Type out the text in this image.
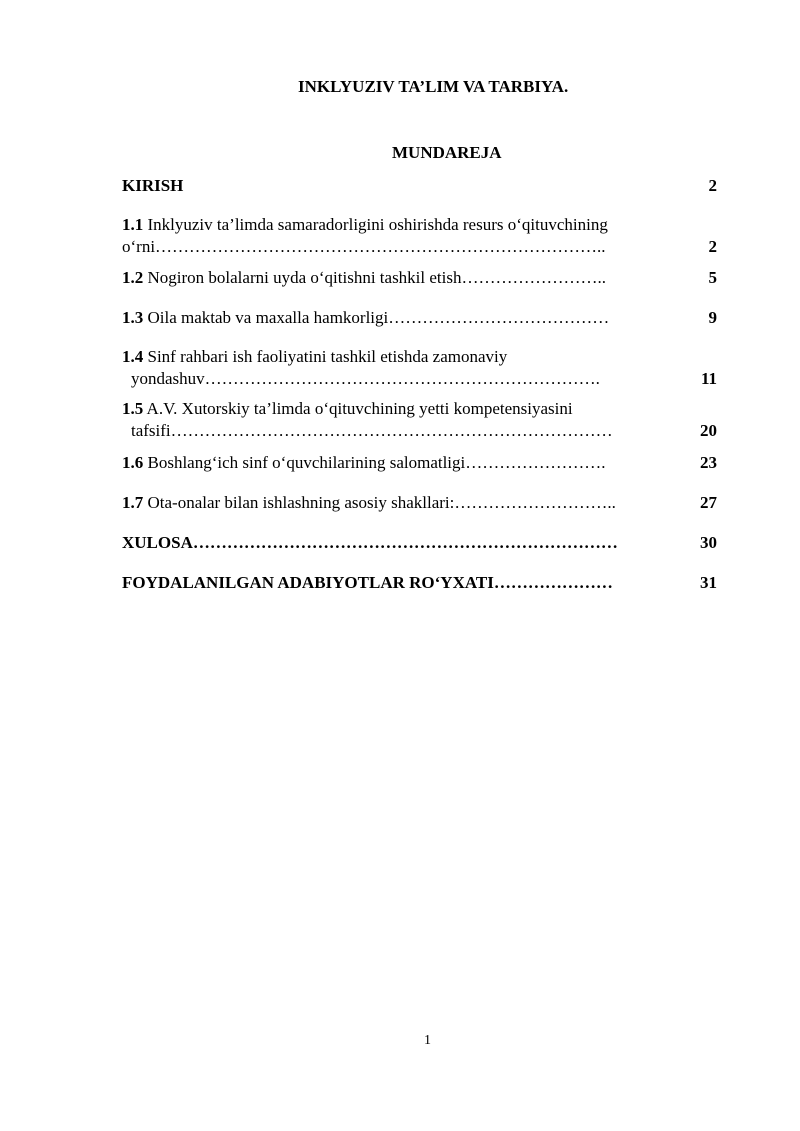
INKLYUZIV TA’LIM VA TARBIYA.
MUNDAREJA
KIRISH	2
1.1 Inklyuziv ta’limda samaradorligini oshirishda resurs o‘qituvchining
o‘rni……………………………………………………………………..	2
1.2 Nogiron bolalarni uyda o‘qitishni tashkil etish……………………..	5
1.3 Oila maktab va maxalla hamkorligi…………………………………	9
1.4 Sinf rahbari ish faoliyatini tashkil etishda zamonaviy
yondashuv…………………………………………………………….	11
1.5 A.V. Xutorskiy ta’limda o‘qituvchining yetti kompetensiyasini
tafsifi……………………………………………………………………	20
1.6 Boshlang‘ich sinf o‘quvchilarining salomatligi…………………….	23
1.7 Ota-onalar bilan ishlashning asosiy shakllari:………………………..	27
XULOSA…………………………………………………………………	30
FOYDALANILGAN ADABIYOTLAR RO‘YXATI…………………	31
1
